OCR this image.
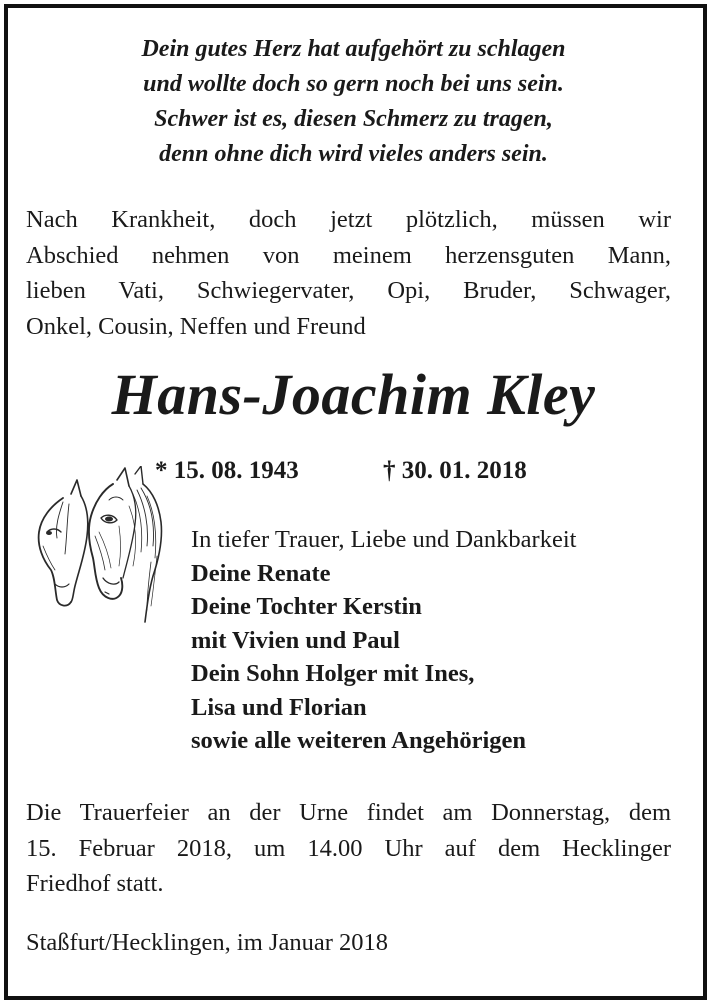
Dein gutes Herz hat aufgehört zu schlagen
und wollte doch so gern noch bei uns sein.
Schwer ist es, diesen Schmerz zu tragen,
denn ohne dich wird vieles anders sein.
Nach Krankheit, doch jetzt plötzlich, müssen wir
Abschied nehmen von meinem herzensguten Mann,
lieben Vati, Schwiegervater, Opi, Bruder, Schwager,
Onkel, Cousin, Neffen und Freund
Hans-Joachim Kley
* 15. 08. 1943	† 30. 01. 2018
In tiefer Trauer, Liebe und Dankbarkeit
Deine Renate
Deine Tochter Kerstin
mit Vivien und Paul
Dein Sohn Holger mit Ines,
Lisa und Florian
sowie alle weiteren Angehörigen
Die Trauerfeier an der Urne findet am Donnerstag, dem
15. Februar 2018, um 14.00 Uhr auf dem Hecklinger
Friedhof statt.
Staßfurt/Hecklingen, im Januar 2018
